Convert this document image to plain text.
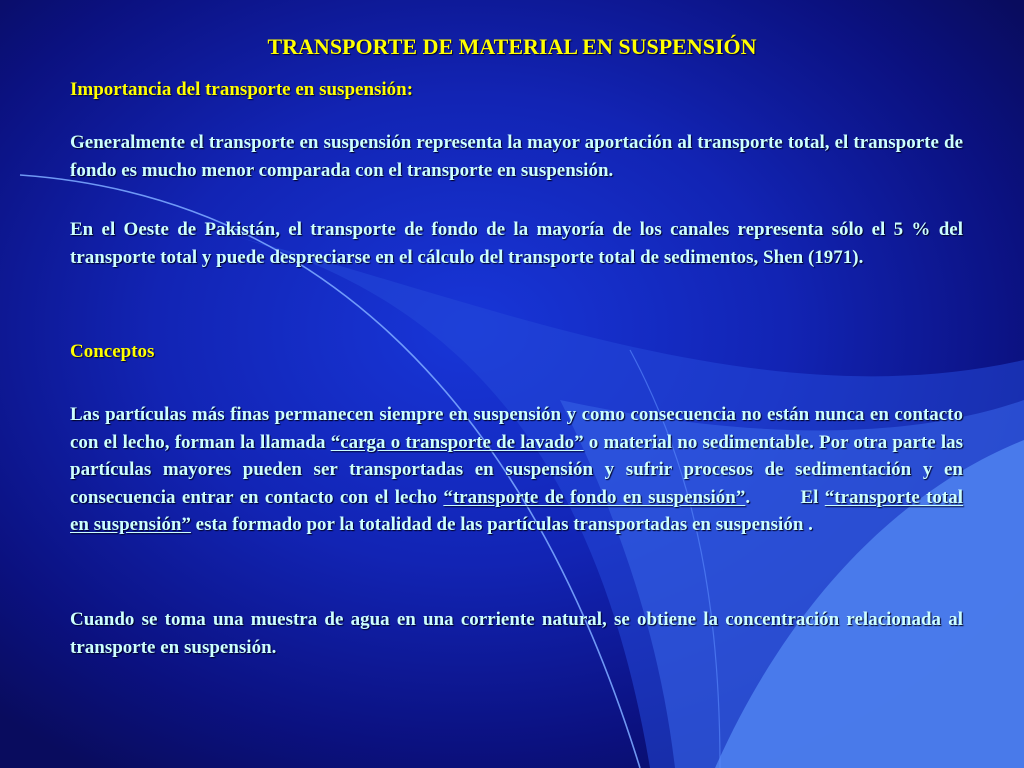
TRANSPORTE DE MATERIAL EN SUSPENSIÓN
Importancia del transporte en suspensión:
Generalmente el transporte en suspensión representa la mayor aportación al transporte total, el transporte de fondo es mucho menor comparada con el transporte en suspensión.
En el Oeste de Pakistán, el transporte de fondo de la mayoría de los canales representa sólo el 5 % del transporte total y puede despreciarse en el cálculo del transporte total de sedimentos, Shen (1971).
Conceptos
Las partículas más finas permanecen siempre en suspensión y como consecuencia no están nunca en contacto con el lecho, forman la llamada “carga o transporte de lavado” o material no sedimentable. Por otra parte las partículas mayores pueden ser transportadas en suspensión y sufrir procesos de sedimentación y en consecuencia entrar en contacto con el lecho “transporte de fondo en suspensión”.	El “transporte total en suspensión” esta formado por la totalidad de las partículas transportadas en suspensión .
Cuando se toma una muestra de agua en una corriente natural, se obtiene la concentración relacionada al transporte en suspensión.
